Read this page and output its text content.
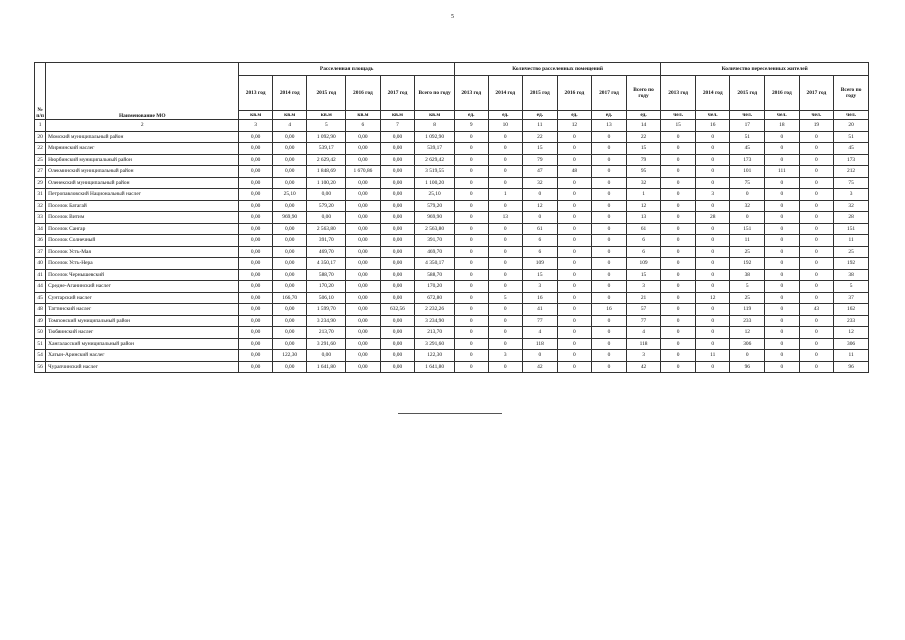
5
№ п/п	Наименование МО	Расселенная площадь						Количество расселенных помещений						Количество переселенных жителей					
		2013 год	2014 год	2015 год	2016 год	2017 год	Всего по году	2013 год	2014 год	2015 год	2016 год	2017 год	Всего по году	2013 год	2014 год	2015 год	2016 год	2017 год	Всего по году
		кв.м	кв.м	кв.м	кв.м	кв.м	кв.м	ед.	ед.	ед.	ед.	ед.	ед.	чел.	чел.	чел.	чел.	чел.	чел.
1	2	3	4	5	6	7	8	9	10	11	12	13	14	15	16	17	18	19	20
20	Момский муниципальный район	0,00	0,00	1 092,90	0,00	0,00	1 092,90	0	0	22	0	0	22	0	0	51	0	0	51
22	Мирнинский наслег	0,00	0,00	539,17	0,00	0,00	539,17	0	0	15	0	0	15	0	0	45	0	0	45
25	Нюрбинский муниципальный район	0,00	0,00	2 629,42	0,00	0,00	2 629,42	0	0	79	0	0	79	0	0	173	0	0	173
27	Олекминский муниципальный район	0,00	0,00	1 848,69	1 670,86	0,00	3 519,55	0	0	47	48	0	95	0	0	101	111	0	212
29	Оленекский муниципальный район	0,00	0,00	1 100,20	0,00	0,00	1 100,20	0	0	32	0	0	32	0	0	75	0	0	75
31	Петропавловский Национальный наслег	0,00	25,10	0,00	0,00	0,00	25,10	0	1	0	0	0	1	0	3	0	0	0	3
32	Поселок Батагай	0,00	0,00	579,20	0,00	0,00	579,20	0	0	12	0	0	12	0	0	32	0	0	32
33	Поселок Витим	0,00	969,90	0,00	0,00	0,00	969,90	0	13	0	0	0	13	0	28	0	0	0	28
34	Поселок Сангар	0,00	0,00	2 563,80	0,00	0,00	2 563,80	0	0	61	0	0	61	0	0	151	0	0	151
36	Поселок Солнечный	0,00	0,00	391,70	0,00	0,00	391,70	0	0	6	0	0	6	0	0	11	0	0	11
37	Поселок Усть-Мая	0,00	0,00	469,70	0,00	0,00	469,70	0	0	6	0	0	6	0	0	25	0	0	25
40	Поселок Усть-Нера	0,00	0,00	4 350,17	0,00	0,00	4 350,17	0	0	109	0	0	109	0	0	192	0	0	192
41	Поселок Чернышевский	0,00	0,00	588,70	0,00	0,00	588,70	0	0	15	0	0	15	0	0	38	0	0	38
44	Средне-Аганинский наслег	0,00	0,00	170,20	0,00	0,00	170,20	0	0	3	0	0	3	0	0	5	0	0	5
45	Сунтарский наслег	0,00	166,70	506,10	0,00	0,00	672,80	0	5	16	0	0	21	0	12	25	0	0	37
48	Таттинский наслег	0,00	0,00	1 599,70	0,00	632,56	2 232,26	0	0	41	0	16	57	0	0	119	0	43	162
49	Томпонский муниципальный район	0,00	0,00	3 234,90	0,00	0,00	3 234,90	0	0	77	0	0	77	0	0	233	0	0	233
50	Тюбяинский наслег	0,00	0,00	213,70	0,00	0,00	213,70	0	0	4	0	0	4	0	0	12	0	0	12
51	Хангаласский муниципальный район	0,00	0,00	3 291,60	0,00	0,00	3 291,60	0	0	118	0	0	118	0	0	306	0	0	306
54	Хатын-Аринский наслег	0,00	122,30	0,00	0,00	0,00	122,30	0	3	0	0	0	3	0	11	0	0	0	11
56	Чурапчинский наслег	0,00	0,00	1 641,80	0,00	0,00	1 641,80	0	0	42	0	0	42	0	0	96	0	0	96
